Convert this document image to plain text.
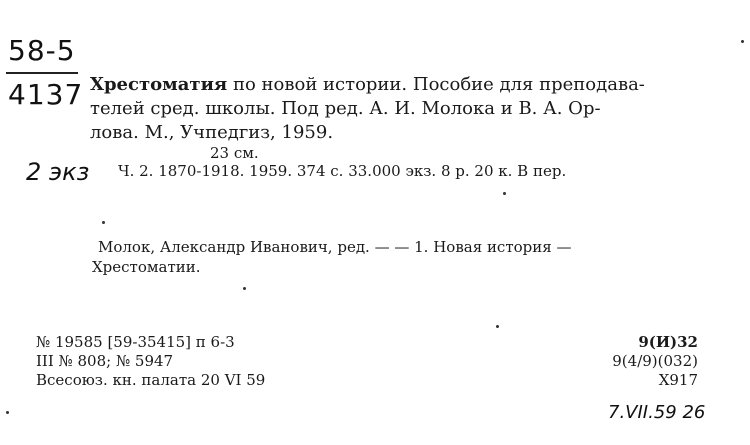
58-5
4137
2 экз
Хрестоматия по новой истории. Пособие для преподава-
телей сред. школы. Под ред. А. И. Молока и В. А. Ор-
лова. М., Учпедгиз, 1959.
23 см.
Ч. 2. 1870-1918. 1959. 374 с. 33.000 экз. 8 р. 20 к. В пер.
Молок, Александр Иванович, ред. — — 1. Новая история —
Хрестоматии.
№ 19585 [59-35415] п 6-3
III № 808; № 5947
Всесоюз. кн. палата 20 VI 59
9(И)32
9(4/9)(032)
Х917
7.VII.59 26
